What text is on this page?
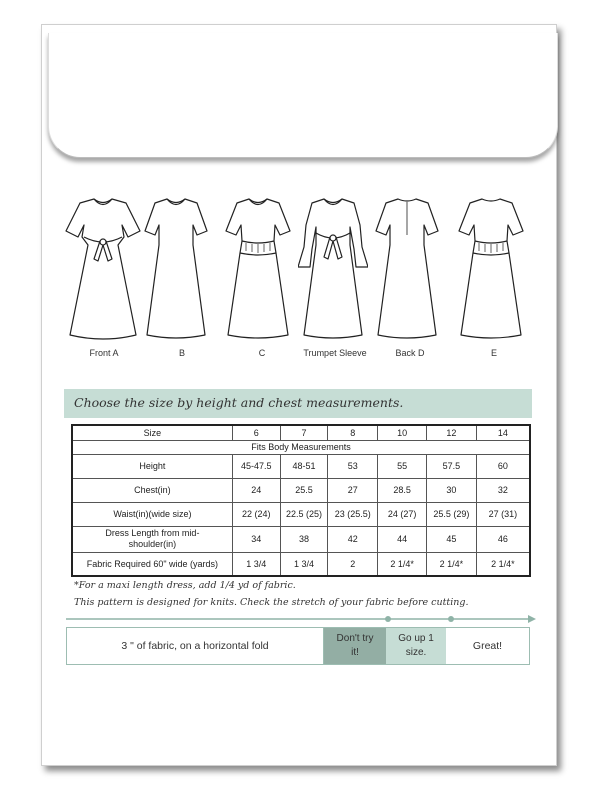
Front A	B	C	Trumpet Sleeve	Back D	E
Choose the size by height and chest measurements.
Size	6	7	8	10	12	14
Fits Body Measurements						
Height	45-47.5	48-51	53	55	57.5	60
Chest(in)	24	25.5	27	28.5	30	32
Waist(in)(wide size)	22 (24)	22.5 (25)	23 (25.5)	24 (27)	25.5 (29)	27 (31)
Dress Length from mid-shoulder(in)	34	38	42	44	45	46
Fabric Required 60" wide (yards)	1 3/4	1 3/4	2	2 1/4*	2 1/4*	2 1/4*
*For a maxi length dress, add 1/4 yd of fabric.
This pattern is designed for knits. Check the stretch of your fabric before cutting.
3 " of fabric, on a horizontal fold
Don't try it!
Go up 1 size.
Great!
